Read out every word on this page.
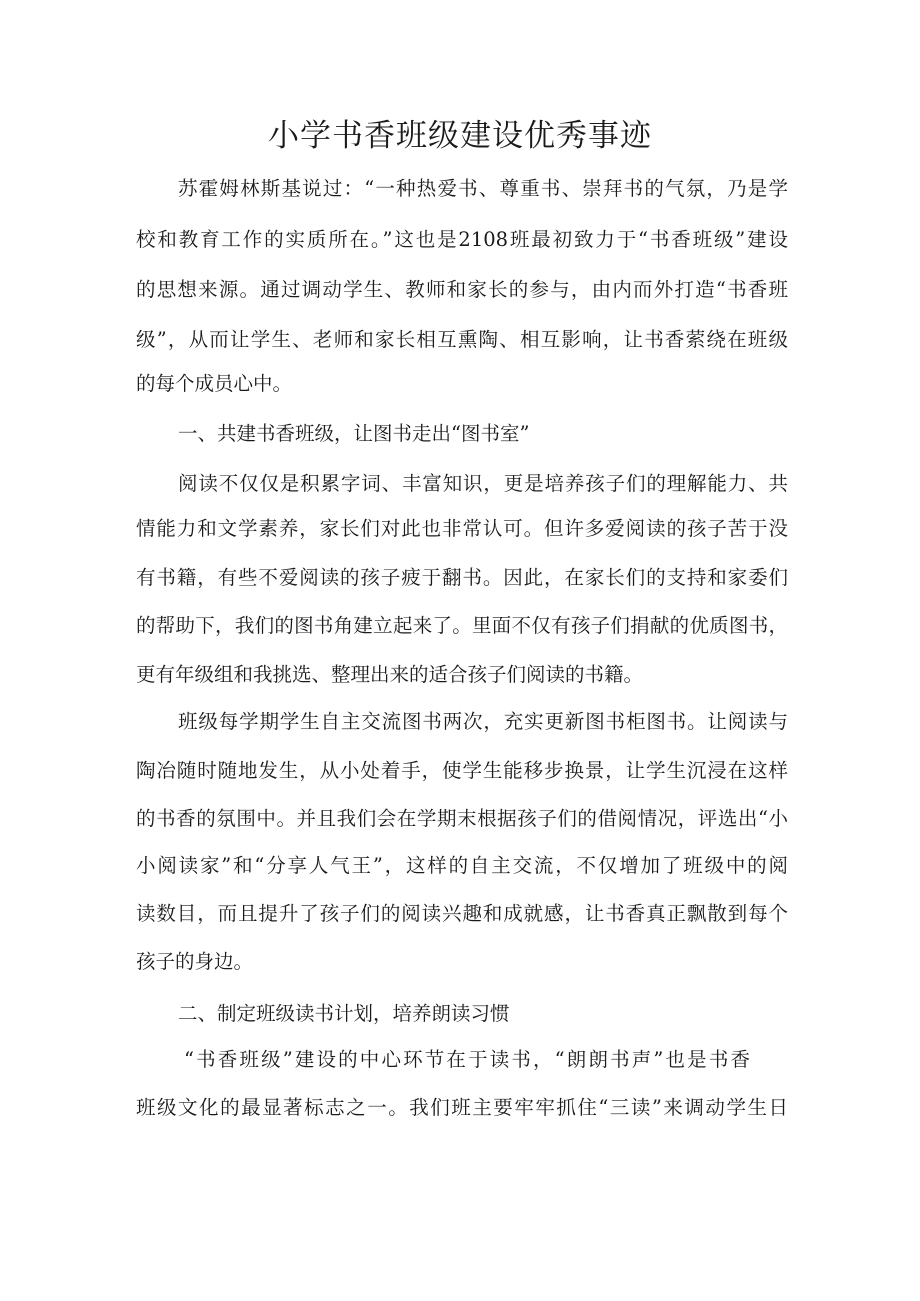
小学书香班级建设优秀事迹

苏霍姆林斯基说过：“一种热爱书、尊重书、崇拜书的气氛，乃是学

校和教育工作的实质所在。”这也是2108班最初致力于“书香班级”建设

的思想来源。通过调动学生、教师和家长的参与，由内而外打造“书香班

级”，从而让学生、老师和家长相互熏陶、相互影响，让书香萦绕在班级

的每个成员心中。

一、共建书香班级，让图书走出“图书室”

阅读不仅仅是积累字词、丰富知识，更是培养孩子们的理解能力、共

情能力和文学素养，家长们对此也非常认可。但许多爱阅读的孩子苦于没

有书籍，有些不爱阅读的孩子疲于翻书。因此，在家长们的支持和家委们

的帮助下，我们的图书角建立起来了。里面不仅有孩子们捐献的优质图书，

更有年级组和我挑选、整理出来的适合孩子们阅读的书籍。

班级每学期学生自主交流图书两次，充实更新图书柜图书。让阅读与

陶冶随时随地发生，从小处着手，使学生能移步换景，让学生沉浸在这样

的书香的氛围中。并且我们会在学期末根据孩子们的借阅情况，评选出“小

小阅读家”和“分享人气王”，这样的自主交流，不仅增加了班级中的阅

读数目，而且提升了孩子们的阅读兴趣和成就感，让书香真正飘散到每个

孩子的身边。

二、制定班级读书计划，培养朗读习惯

“书香班级”建设的中心环节在于读书，“朗朗书声”也是书香

班级文化的最显著标志之一。我们班主要牢牢抓住“三读”来调动学生日
